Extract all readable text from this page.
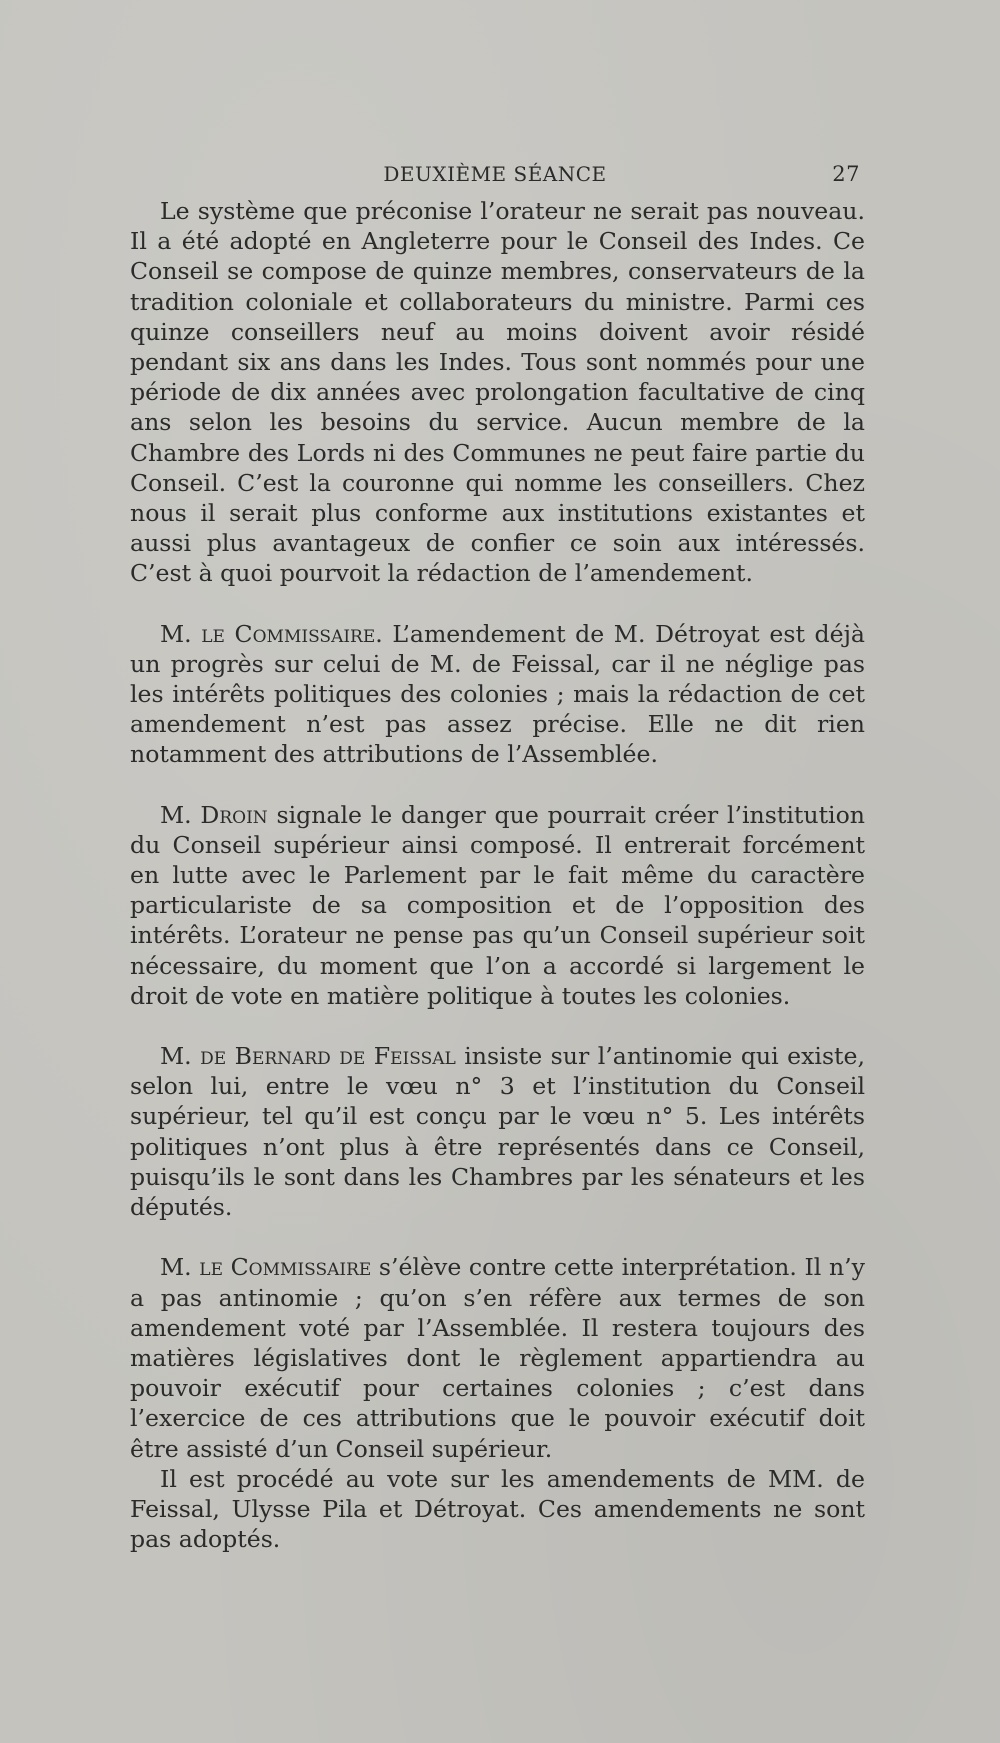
DEUXIÈME SÉANCE	27

Le système que préconise l’orateur ne serait pas nouveau. Il a été adopté en Angleterre pour le Conseil des Indes. Ce Conseil se compose de quinze membres, conservateurs de la tradition coloniale et collaborateurs du ministre. Parmi ces quinze conseillers neuf au moins doivent avoir résidé pendant six ans dans les Indes. Tous sont nommés pour une période de dix années avec prolongation facultative de cinq ans selon les besoins du service. Aucun membre de la Chambre des Lords ni des Communes ne peut faire partie du Conseil. C’est la couronne qui nomme les conseillers. Chez nous il serait plus conforme aux institutions existantes et aussi plus avantageux de confier ce soin aux intéressés. C’est à quoi pourvoit la rédaction de l’amendement.

M. le Commissaire. L’amendement de M. Détroyat est déjà un progrès sur celui de M. de Feissal, car il ne néglige pas les intérêts politiques des colonies ; mais la rédaction de cet amendement n’est pas assez précise. Elle ne dit rien notamment des attributions de l’Assemblée.

M. Droin signale le danger que pourrait créer l’institution du Conseil supérieur ainsi composé. Il entrerait forcément en lutte avec le Parlement par le fait même du caractère particulariste de sa composition et de l’opposition des intérêts. L’orateur ne pense pas qu’un Conseil supérieur soit nécessaire, du moment que l’on a accordé si largement le droit de vote en matière politique à toutes les colonies.

M. de Bernard de Feissal insiste sur l’antinomie qui existe, selon lui, entre le vœu n° 3 et l’institution du Conseil supérieur, tel qu’il est conçu par le vœu n° 5. Les intérêts politiques n’ont plus à être représentés dans ce Conseil, puisqu’ils le sont dans les Chambres par les sénateurs et les députés.

M. le Commissaire s’élève contre cette interprétation. Il n’y a pas antinomie ; qu’on s’en réfère aux termes de son amendement voté par l’Assemblée. Il restera toujours des matières législatives dont le règlement appartiendra au pouvoir exécutif pour certaines colonies ; c’est dans l’exercice de ces attributions que le pouvoir exécutif doit être assisté d’un Conseil supérieur.

Il est procédé au vote sur les amendements de MM. de Feissal, Ulysse Pila et Détroyat. Ces amendements ne sont pas adoptés.
